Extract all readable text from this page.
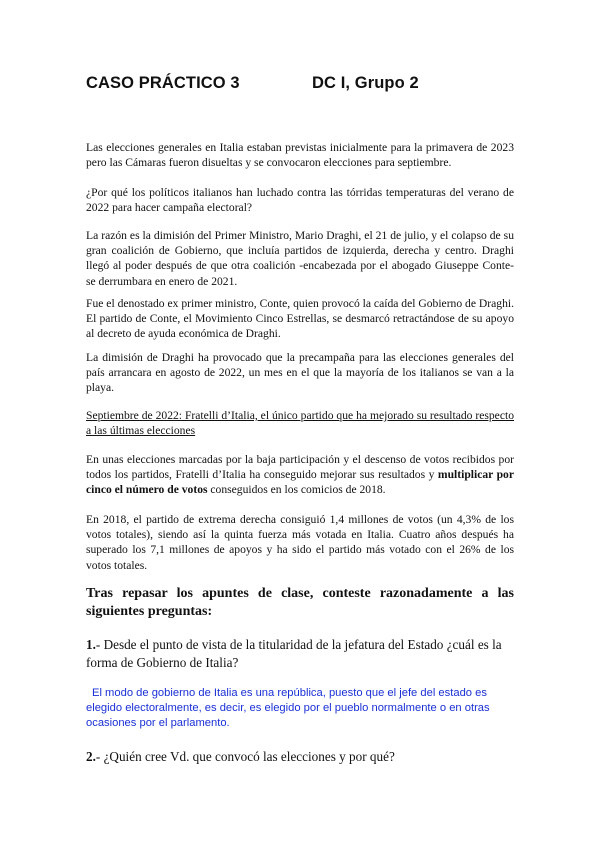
CASO PRÁCTICO 3	DC I, Grupo 2

Las elecciones generales en Italia estaban previstas inicialmente para la primavera de 2023 pero las Cámaras fueron disueltas y se convocaron elecciones para septiembre.

¿Por qué los políticos italianos han luchado contra las tórridas temperaturas del verano de 2022 para hacer campaña electoral?

La razón es la dimisión del Primer Ministro, Mario Draghi, el 21 de julio, y el colapso de su gran coalición de Gobierno, que incluía partidos de izquierda, derecha y centro. Draghi llegó al poder después de que otra coalición -encabezada por el abogado Giuseppe Conte- se derrumbara en enero de 2021.

Fue el denostado ex primer ministro, Conte, quien provocó la caída del Gobierno de Draghi. El partido de Conte, el Movimiento Cinco Estrellas, se desmarcó retractándose de su apoyo al decreto de ayuda económica de Draghi.

La dimisión de Draghi ha provocado que la precampaña para las elecciones generales del país arrancara en agosto de 2022, un mes en el que la mayoría de los italianos se van a la playa.

Septiembre de 2022: Fratelli d’Italia, el único partido que ha mejorado su resultado respecto a las últimas elecciones

En unas elecciones marcadas por la baja participación y el descenso de votos recibidos por todos los partidos, Fratelli d’Italia ha conseguido mejorar sus resultados y multiplicar por cinco el número de votos conseguidos en los comicios de 2018.

En 2018, el partido de extrema derecha consiguió 1,4 millones de votos (un 4,3% de los votos totales), siendo así la quinta fuerza más votada en Italia. Cuatro años después ha superado los 7,1 millones de apoyos y ha sido el partido más votado con el 26% de los votos totales.

Tras repasar los apuntes de clase, conteste razonadamente a las siguientes preguntas:

1.- Desde el punto de vista de la titularidad de la jefatura del Estado ¿cuál es la forma de Gobierno de Italia?

El modo de gobierno de Italia es una república, puesto que el jefe del estado es elegido electoralmente, es decir, es elegido por el pueblo normalmente o en otras ocasiones por el parlamento.

2.- ¿Quién cree Vd. que convocó las elecciones y por qué?
